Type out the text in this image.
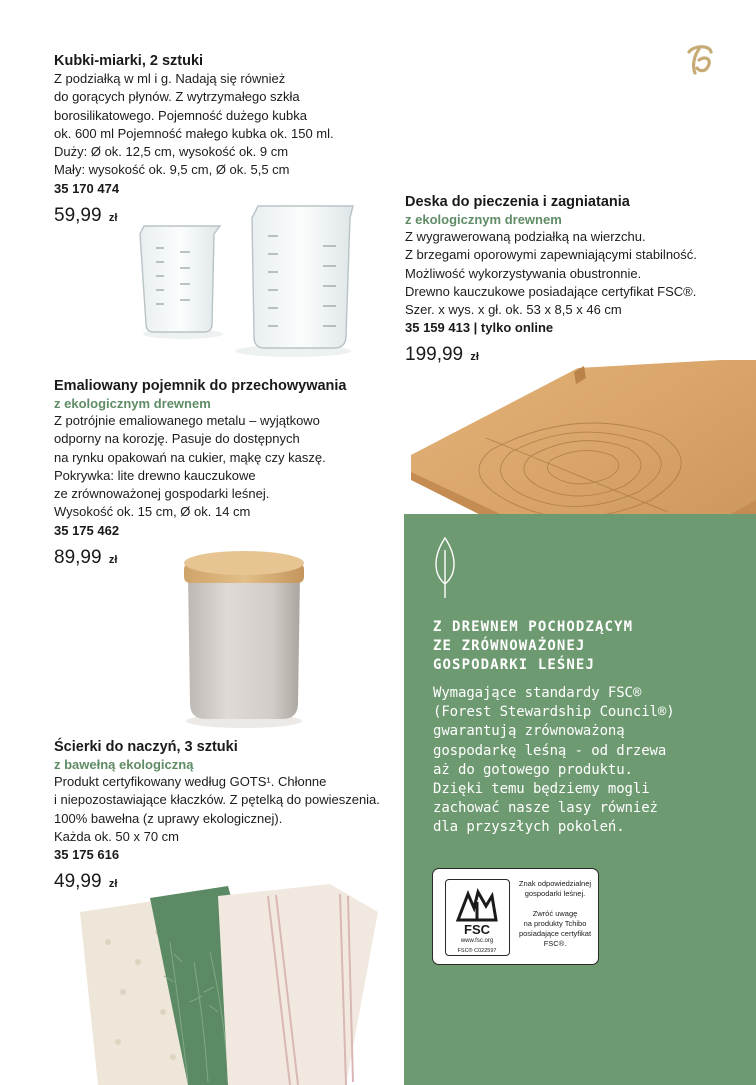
Kubki-miarki, 2 sztuki

Z podziałką w ml i g. Nadają się również

do gorących płynów. Z wytrzymałego szkła

borosilikatowego. Pojemność dużego kubka

ok. 600 ml Pojemność małego kubka ok. 150 ml.

Duży: Ø ok. 12,5 cm, wysokość ok. 9 cm

Mały: wysokość ok. 9,5 cm, Ø ok. 5,5 cm

35 170 474
59,99 zł
Deska do pieczenia i zagniatania
z ekologicznym drewnem

Z wygrawerowaną podziałką na wierzchu.

Z brzegami oporowymi zapewniającymi stabilność.

Możliwość wykorzystywania obustronnie.

Drewno kauczukowe posiadające certyfikat FSC®.

Szer. x wys. x gł. ok. 53 x 8,5 x 46 cm

35 159 413 | tylko online
199,99 zł
Emaliowany pojemnik do przechowywania
z ekologicznym drewnem

Z potrójnie emaliowanego metalu – wyjątkowo

odporny na korozję. Pasuje do dostępnych

na rynku opakowań na cukier, mąkę czy kaszę.

Pokrywka: lite drewno kauczukowe

ze zrównoważonej gospodarki leśnej.

Wysokość ok. 15 cm, Ø ok. 14 cm

35 175 462
89,99 zł
Ścierki do naczyń, 3 sztuki
z bawełną ekologiczną

Produkt certyfikowany według GOTS¹. Chłonne

i niepozostawiające kłaczków. Z pętelką do powieszenia.

100% bawełna (z uprawy ekologicznej).

Każda ok. 50 x 70 cm

35 175 616
49,99 zł

Z DREWNEM POCHODZĄCYM

ZE ZRÓWNOWAŻONEJ

GOSPODARKI LEŚNEJ

Wymagające standardy FSC®

(Forest Stewardship Council®)

gwarantują zrównoważoną

gospodarkę leśną - od drzewa

aż do gotowego produktu.

Dzięki temu będziemy mogli

zachować nasze lasy również

dla przyszłych pokoleń.

FSC
www.fsc.org
FSC® C022597

Znak odpowiedzialnej

gospodarki leśnej.

Zwróć uwagę

na produkty Tchibo

posiadające certyfikat

FSC®.
